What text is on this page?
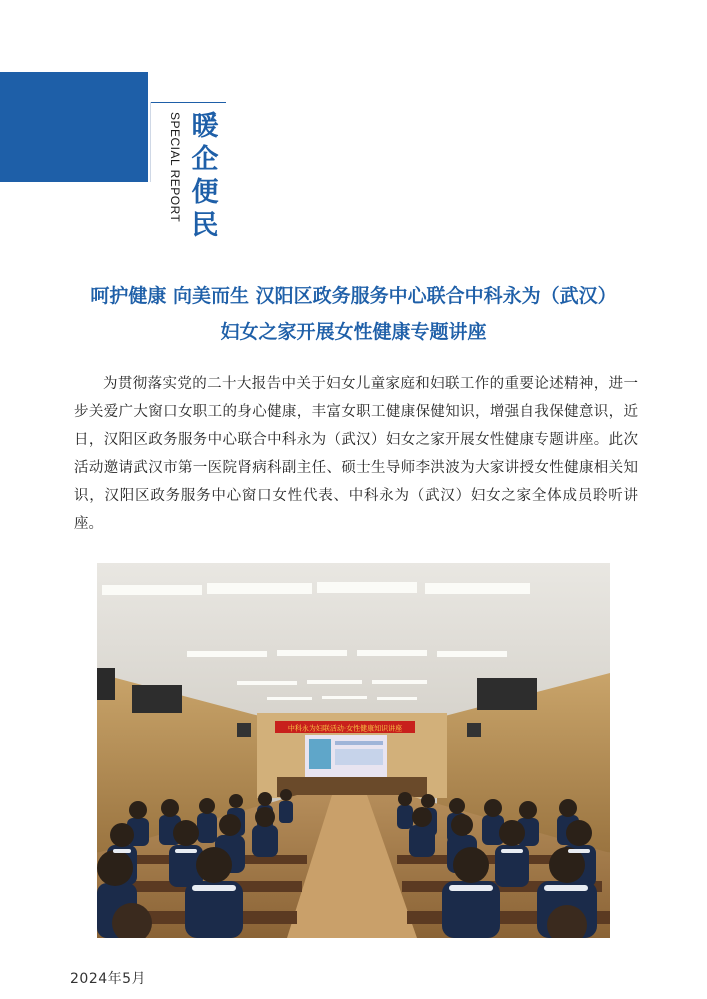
SPECIAL REPORT 暖企便民
呵护健康 向美而生 汉阳区政务服务中心联合中科永为（武汉）
妇女之家开展女性健康专题讲座
为贯彻落实党的二十大报告中关于妇女儿童家庭和妇联工作的重要论述精神，进一步关爱广大窗口女职工的身心健康，丰富女职工健康保健知识，增强自我保健意识，近日，汉阳区政务服务中心联合中科永为（武汉）妇女之家开展女性健康专题讲座。此次活动邀请武汉市第一医院肾病科副主任、硕士生导师李洪波为大家讲授女性健康相关知识，汉阳区政务服务中心窗口女性代表、中科永为（武汉）妇女之家全体成员聆听讲座。
中科永为妇联活动·女性健康知识讲座
2024年5月
